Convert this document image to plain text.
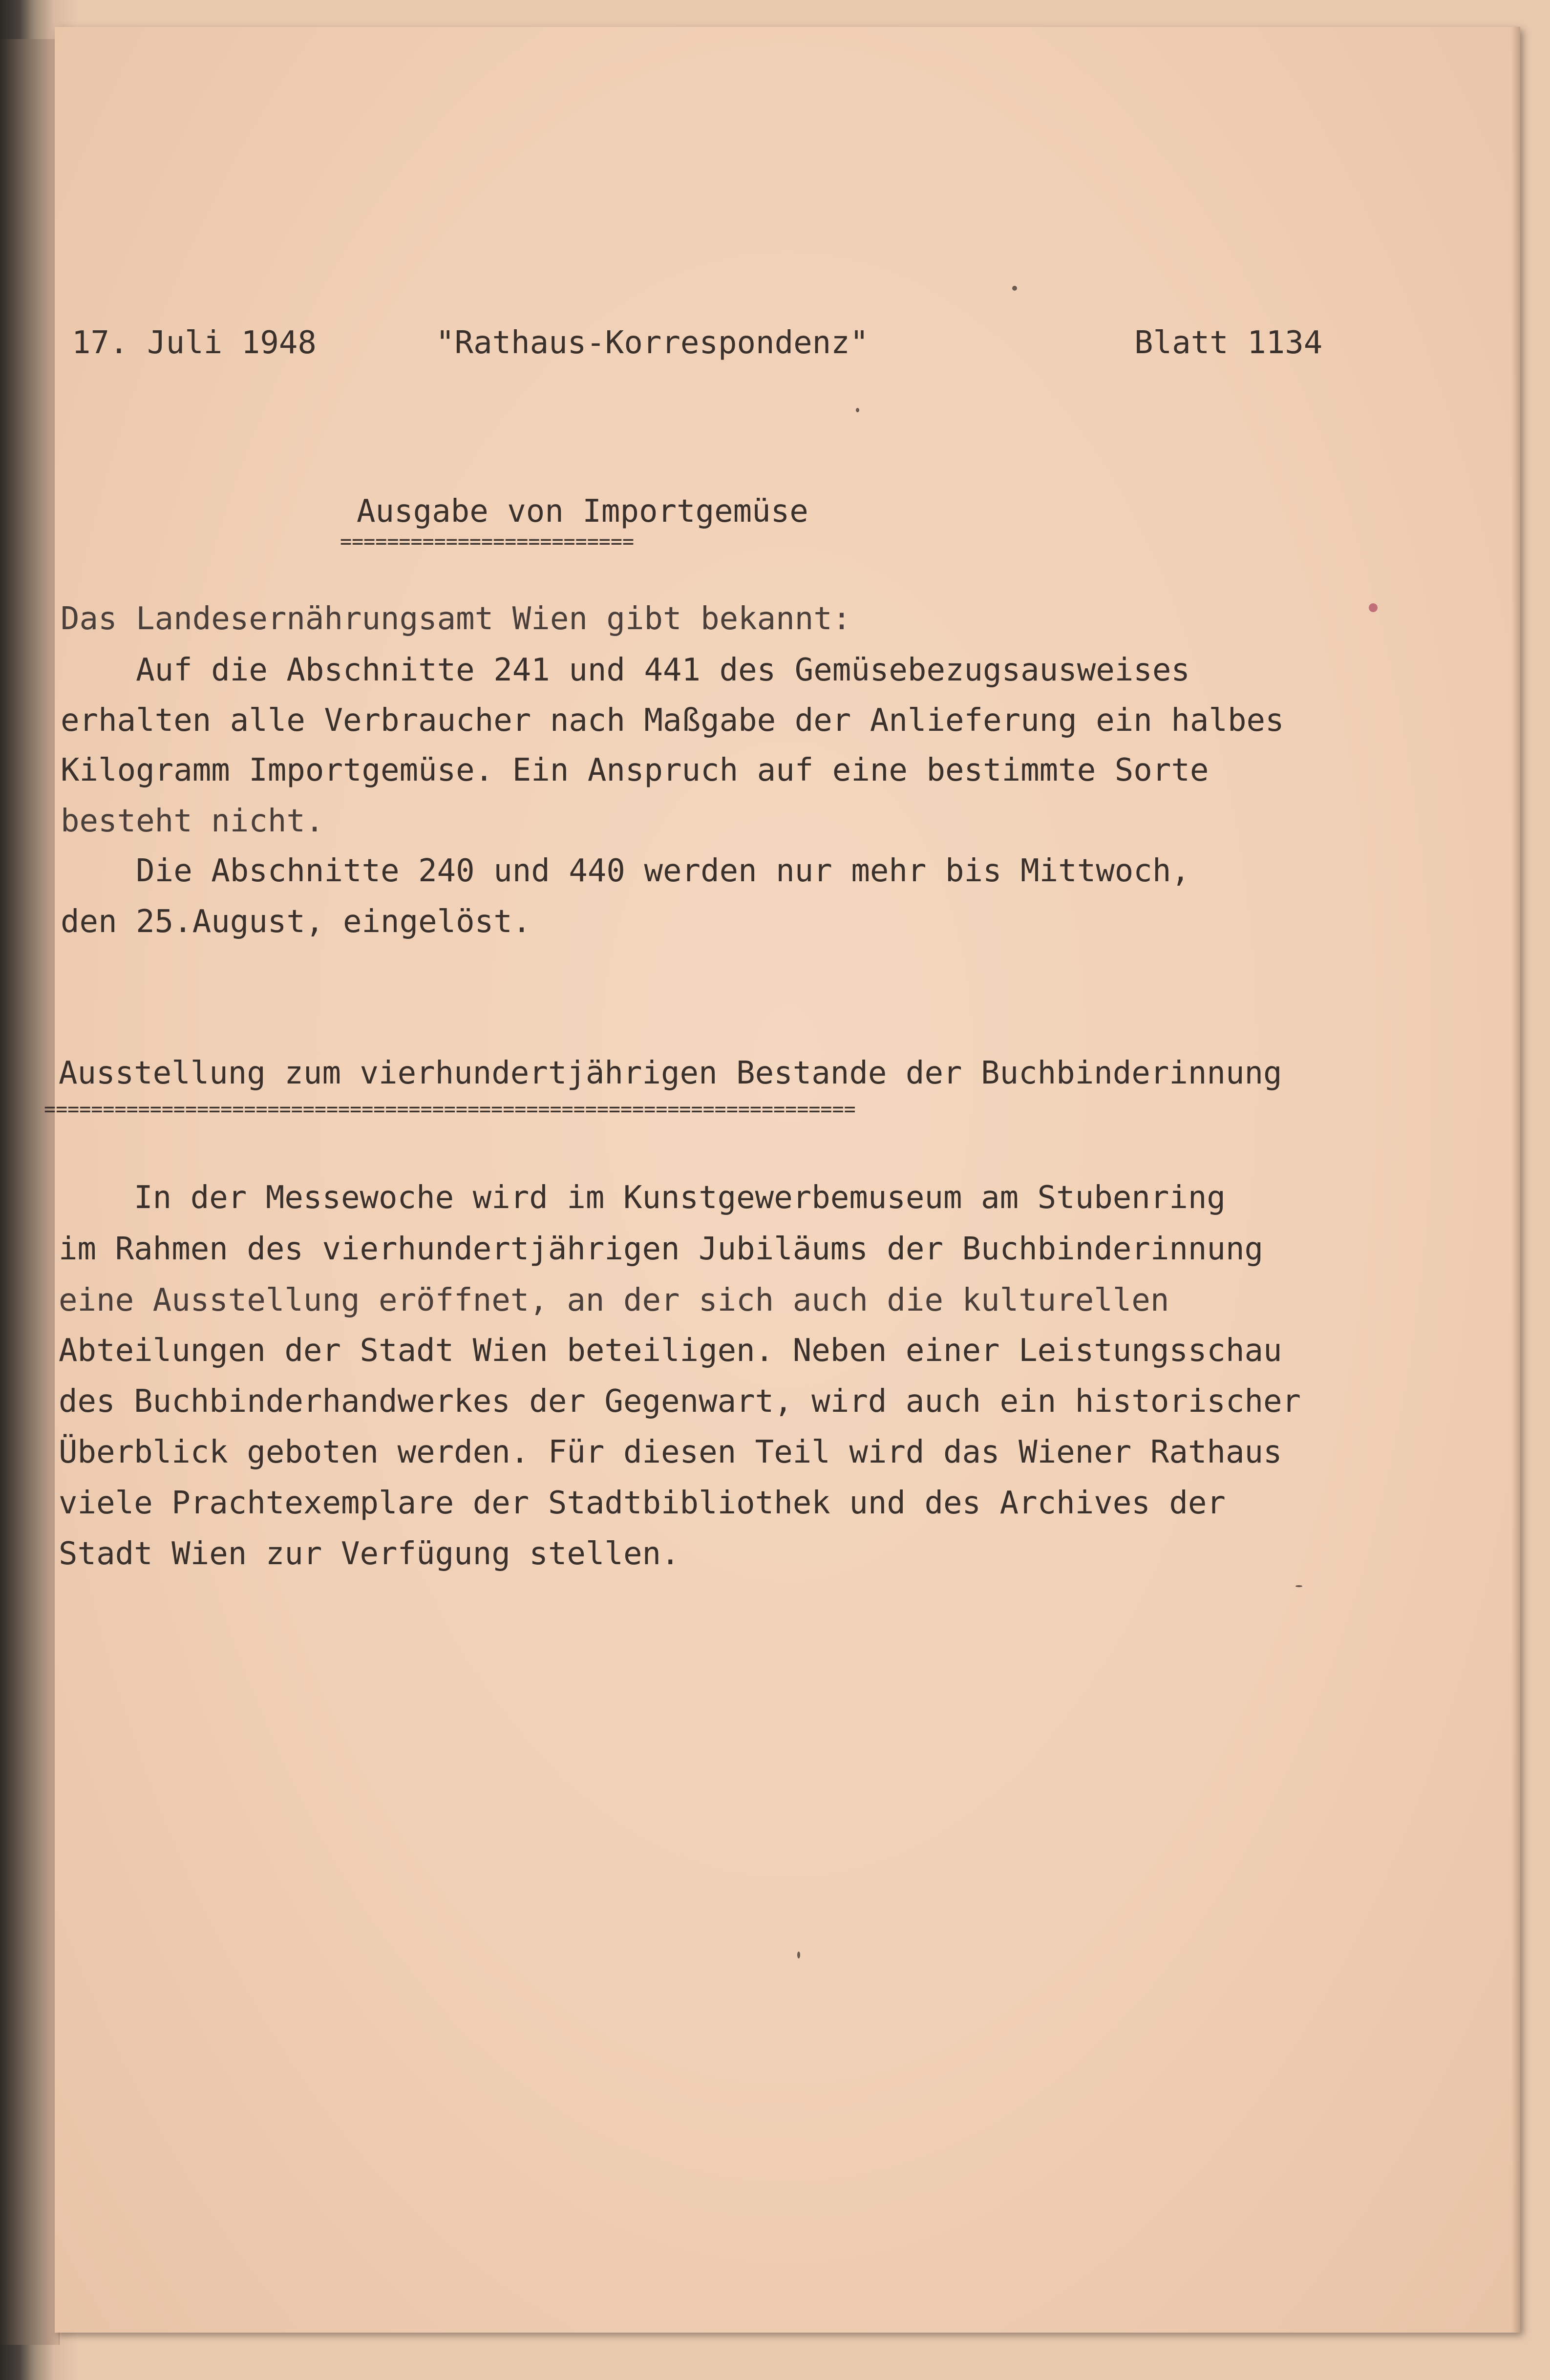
17. Juli 1948	"Rathaus-Korrespondenz"	Blatt 1134
Ausgabe von Importgemüse
=========================
Das Landesernährungsamt Wien gibt bekannt:
Auf die Abschnitte 241 und 441 des Gemüsebezugsausweises
erhalten alle Verbraucher nach Maßgabe der Anlieferung ein halbes
Kilogramm Importgemüse. Ein Anspruch auf eine bestimmte Sorte
besteht nicht.
Die Abschnitte 240 und 440 werden nur mehr bis Mittwoch,
den 25.August, eingelöst.
Ausstellung zum vierhundertjährigen Bestande der Buchbinderinnung
=====================================================================
In der Messewoche wird im Kunstgewerbemuseum am Stubenring
im Rahmen des vierhundertjährigen Jubiläums der Buchbinderinnung
eine Ausstellung eröffnet, an der sich auch die kulturellen
Abteilungen der Stadt Wien beteiligen. Neben einer Leistungsschau
des Buchbinderhandwerkes der Gegenwart, wird auch ein historischer
Überblick geboten werden. Für diesen Teil wird das Wiener Rathaus
viele Prachtexemplare der Stadtbibliothek und des Archives der
Stadt Wien zur Verfügung stellen.
